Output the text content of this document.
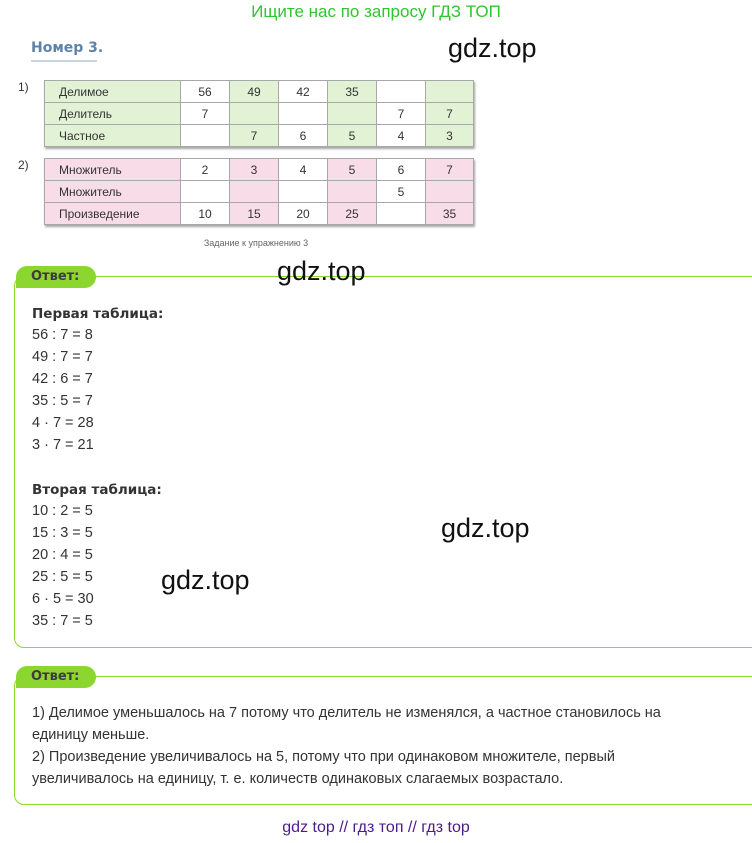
Ищите нас по запросу ГДЗ ТОП
Номер 3.	gdz.top
1)	Делимое	56	49	42	35		
Делитель	7				7	7
Частное		7	6	5	4	3
2)	Множитель	2	3	4	5	6	7
Множитель					5	
Произведение	10	15	20	25		35
Задание к упражнению 3
Ответ:	gdz.top
Первая таблица:
56 : 7 = 8
49 : 7 = 7
42 : 6 = 7
35 : 5 = 7
4 · 7 = 28
3 · 7 = 21
Вторая таблица:
10 : 2 = 5
15 : 3 = 5
20 : 4 = 5
25 : 5 = 5
6 · 5 = 30
35 : 7 = 5
gdz.top
gdz.top
Ответ:
1) Делимое уменьшалось на 7 потому что делитель не изменялся, а частное становилось на
единицу меньше.
2) Произведение увеличивалось на 5, потому что при одинаковом множителе, первый
увеличивалось на единицу, т. е. количеств одинаковых слагаемых возрастало.
gdz top // гдз топ // гдз top
